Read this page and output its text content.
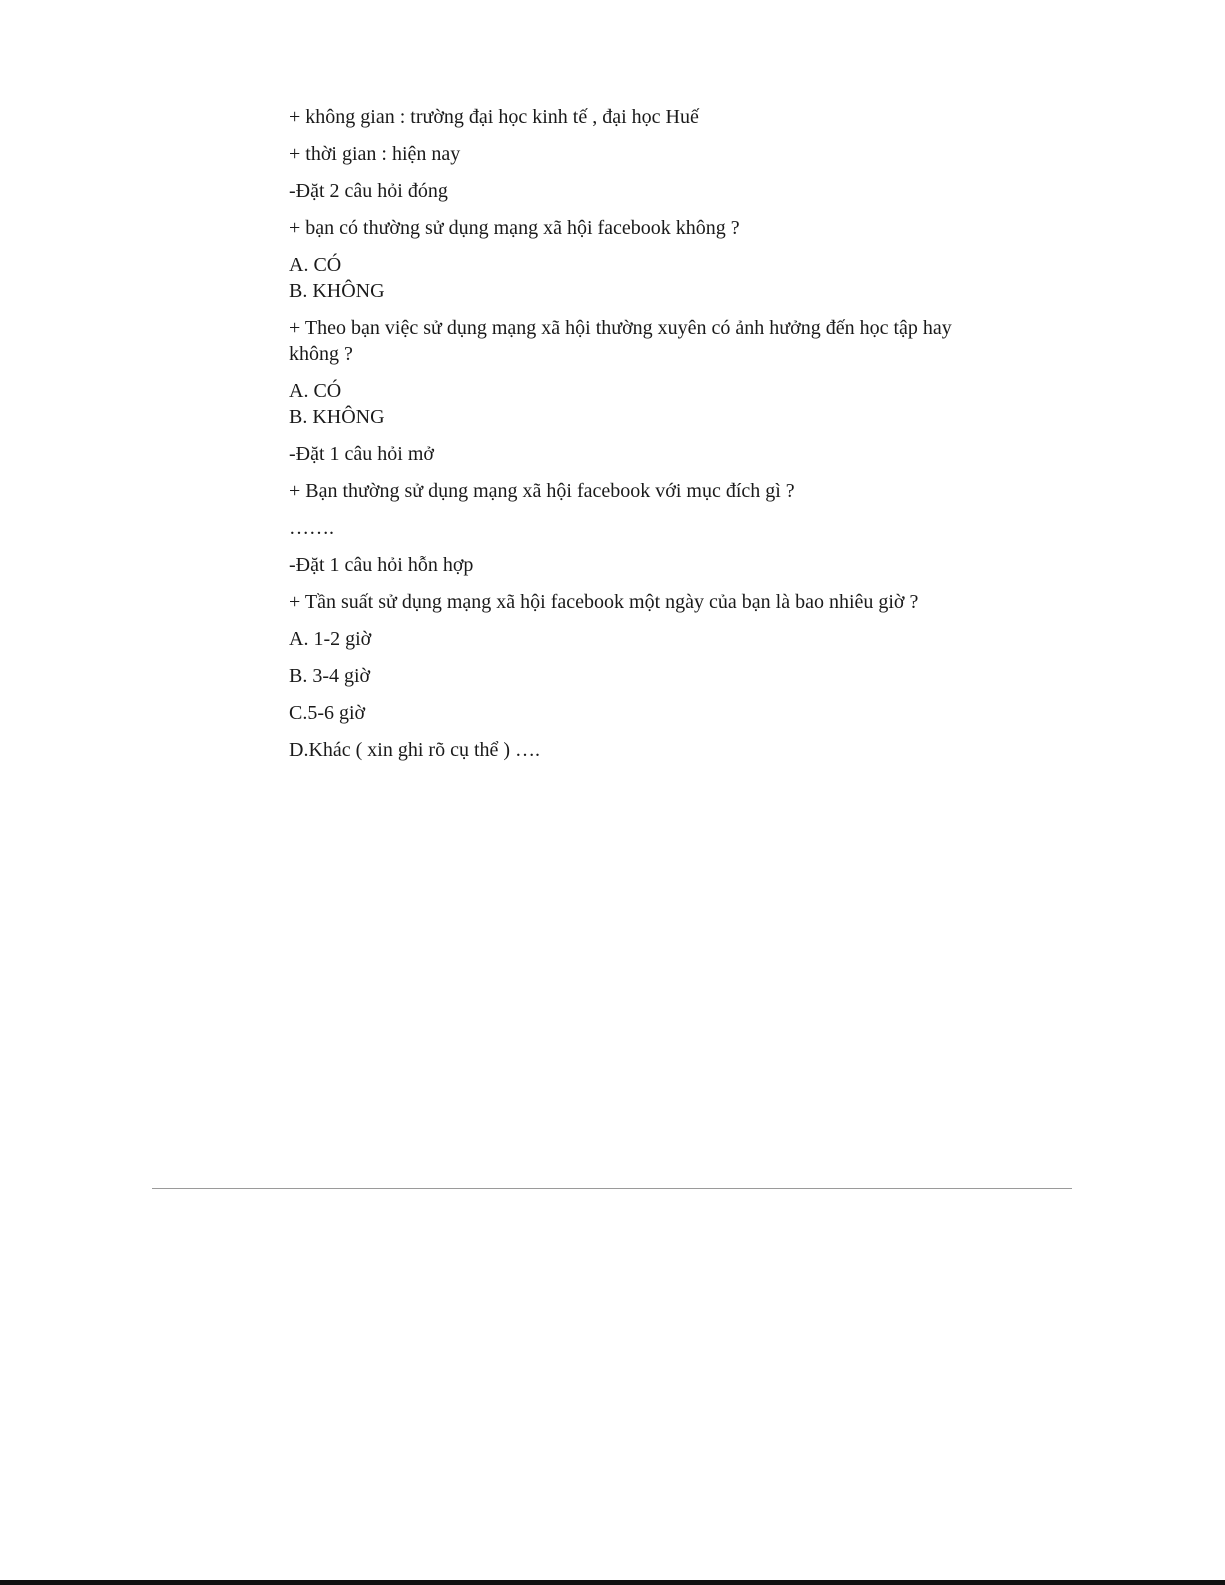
+ không gian : trường đại học kinh tế , đại học Huế
+ thời gian : hiện nay
-Đặt 2 câu hỏi đóng
+ bạn có thường sử dụng mạng xã hội facebook không ?
A. CÓ
B. KHÔNG
+ Theo bạn việc sử dụng mạng xã hội thường xuyên có ảnh hưởng đến học tập hay không ?
A. CÓ
B. KHÔNG
-Đặt 1 câu hỏi mở
+ Bạn thường sử dụng mạng xã hội facebook với mục đích gì ?
…….
-Đặt 1 câu hỏi hỗn hợp
+ Tần suất sử dụng mạng xã hội facebook một ngày của bạn là bao nhiêu giờ ?
A. 1-2 giờ
B. 3-4 giờ
C.5-6 giờ
D.Khác ( xin ghi rõ cụ thể ) ….
